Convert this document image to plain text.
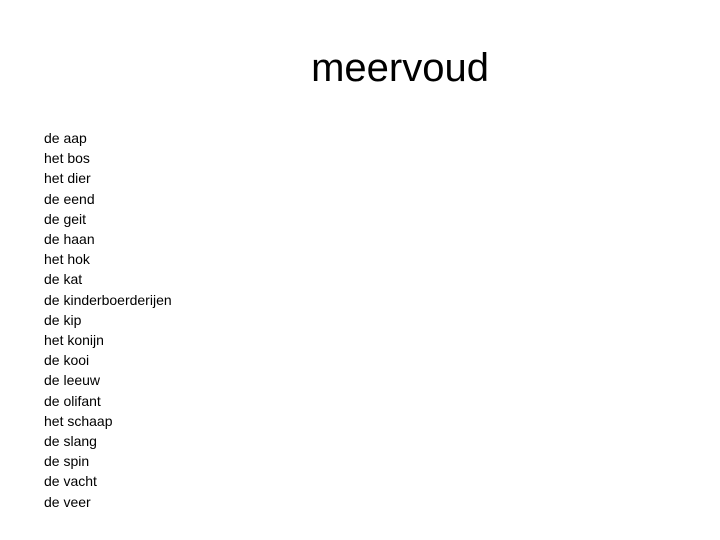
meervoud
de aap
het bos
het dier
de eend
de geit
de haan
het hok
de kat
de kinderboerderijen
de kip
het konijn
de kooi
de leeuw
de olifant
het schaap
de slang
de spin
de vacht
de veer
